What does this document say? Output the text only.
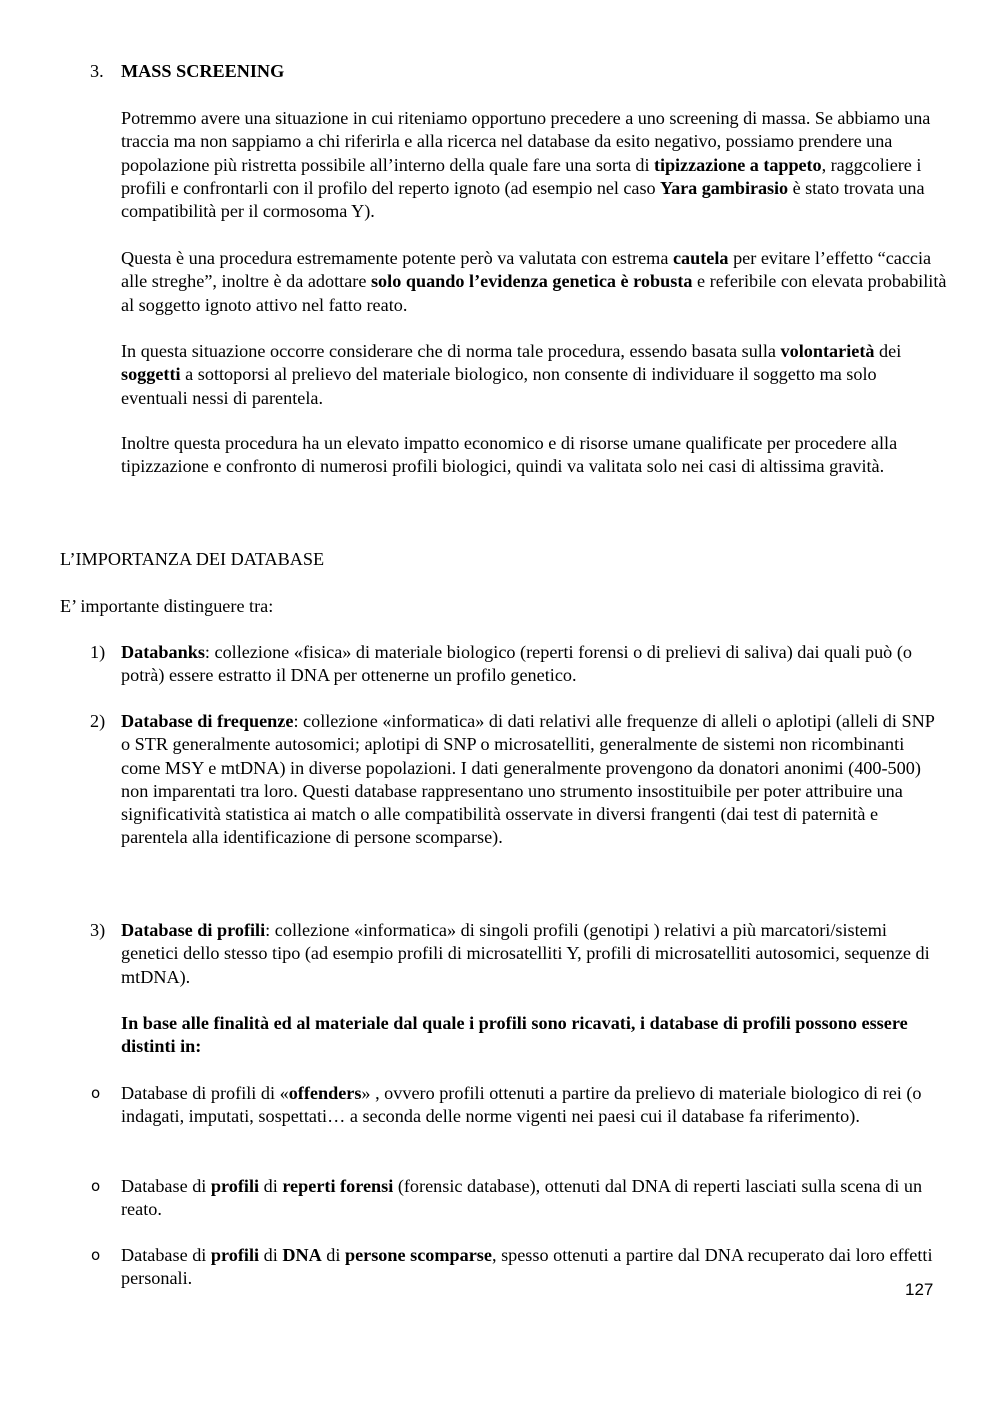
3. MASS SCREENING

Potremmo avere una situazione in cui riteniamo opportuno precedere a uno screening di massa. Se abbiamo una traccia ma non sappiamo a chi riferirla e alla ricerca nel database da esito negativo, possiamo prendere una popolazione più ristretta possibile all’interno della quale fare una sorta di tipizzazione a tappeto, raggcoliere i profili e confrontarli con il profilo del reperto ignoto (ad esempio nel caso Yara gambirasio è stato trovata una compatibilità per il cormosoma Y).

Questa è una procedura estremamente potente però va valutata con estrema cautela per evitare l’effetto “caccia alle streghe”, inoltre è da adottare solo quando l’evidenza genetica è robusta e referibile con elevata probabilità al soggetto ignoto attivo nel fatto reato.

In questa situazione occorre considerare che di norma tale procedura, essendo basata sulla volontarietà dei soggetti a sottoporsi al prelievo del materiale biologico, non consente di individuare il soggetto ma solo eventuali nessi di parentela.

Inoltre questa procedura ha un elevato impatto economico e di risorse umane qualificate per procedere alla tipizzazione e confronto di numerosi profili biologici, quindi va valitata solo nei casi di altissima gravità.

L’IMPORTANZA DEI DATABASE

E’ importante distinguere tra:

1) Databanks: collezione «fisica» di materiale biologico (reperti forensi o di prelievi di saliva) dai quali può (o potrà) essere estratto il DNA per ottenerne un profilo genetico.

2) Database di frequenze: collezione «informatica» di dati relativi alle frequenze di alleli o aplotipi (alleli di SNP o STR generalmente autosomici; aplotipi di SNP o microsatelliti, generalmente de sistemi non ricombinanti come MSY e mtDNA) in diverse popolazioni. I dati generalmente provengono da donatori anonimi (400-500) non imparentati tra loro. Questi database rappresentano uno strumento insostituibile per poter attribuire una significatività statistica ai match o alle compatibilità osservate in diversi frangenti (dai test di paternità e parentela alla identificazione di persone scomparse).

3) Database di profili: collezione «informatica» di singoli profili (genotipi ) relativi a più marcatori/sistemi genetici dello stesso tipo (ad esempio profili di microsatelliti Y, profili di microsatelliti autosomici, sequenze di mtDNA).

In base alle finalità ed al materiale dal quale i profili sono ricavati, i database di profili possono essere distinti in:

o Database di profili di «offenders» , ovvero profili ottenuti a partire da prelievo di materiale biologico di rei (o indagati, imputati, sospettati… a seconda delle norme vigenti nei paesi cui il database fa riferimento).

o Database di profili di reperti forensi (forensic database), ottenuti dal DNA di reperti lasciati sulla scena di un reato.

o Database di profili di DNA di persone scomparse, spesso ottenuti a partire dal DNA recuperato dai loro effetti personali.

127
